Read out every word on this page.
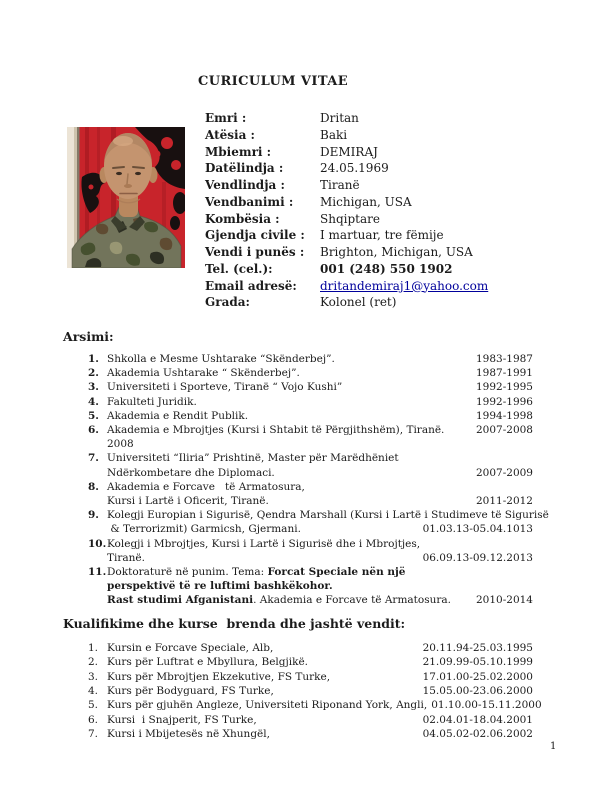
CURICULUM VITAE
Emri :	Dritan
Atësia :	Baki
Mbiemri :	DEMIRAJ
Datëlindja :	24.05.1969
Vendlindja :	Tiranë
Vendbanimi :	Michigan, USA
Kombësia :	Shqiptare
Gjendja civile :	I martuar, tre fëmije
Vendi i punës :	Brighton, Michigan, USA
Tel. (cel.):	001 (248) 550 1902
Email adresë:	dritandemiraj1@yahoo.com
Grada:	Kolonel (ret)
Arsimi:
1. Shkolla e Mesme Ushtarake “Skënderbej”.	1983-1987
2. Akademia Ushtarake “ Skënderbej”.	1987-1991
3. Universiteti i Sporteve, Tiranë “ Vojo Kushi”	1992-1995
4. Fakulteti Juridik.	1992-1996
5. Akademia e Rendit Publik.	1994-1998
6. Akademia e Mbrojtjes (Kursi i Shtabit të Përgjithshëm), Tiranë.	2007-2008
2008
7. Universiteti “Iliria” Prishtinë, Master për Marëdhëniet
Ndërkombetare dhe Diplomaci.	2007-2009
8. Akademia e Forcave   të Armatosura,
Kursi i Lartë i Oficerit, Tiranë.	2011-2012
9. Kolegji Europian i Sigurisë, Qendra Marshall (Kursi i Lartë i Studimeve të Sigurisë
& Terrorizmit) Garmicsh, Gjermani.	01.03.13-05.04.1013
10. Kolegji i Mbrojtjes, Kursi i Lartë i Sigurisë dhe i Mbrojtjes,
Tiranë.	06.09.13-09.12.2013
11. Doktoraturë në punim. Tema: Forcat Speciale nën një
perspektivë të re luftimi bashkëkohor.
Rast studimi Afganistani. Akademia e Forcave të Armatosura.	2010-2014
Kualifikime dhe kurse  brenda dhe jashtë vendit:
1. Kursin e Forcave Speciale, Alb,	20.11.94-25.03.1995
2. Kurs për Luftrat e Mbyllura, Belgjikë.	21.09.99-05.10.1999
3. Kurs për Mbrojtjen Ekzekutive, FS Turke,	17.01.00-25.02.2000
4. Kurs për Bodyguard, FS Turke,	15.05.00-23.06.2000
5. Kurs për gjuhën Angleze, Universiteti Riponand York, Angli, 01.10.00-15.11.2000
6. Kursi  i Snajperit, FS Turke,	02.04.01-18.04.2001
7. Kursi i Mbijetesës në Xhungël,	04.05.02-02.06.2002
1
